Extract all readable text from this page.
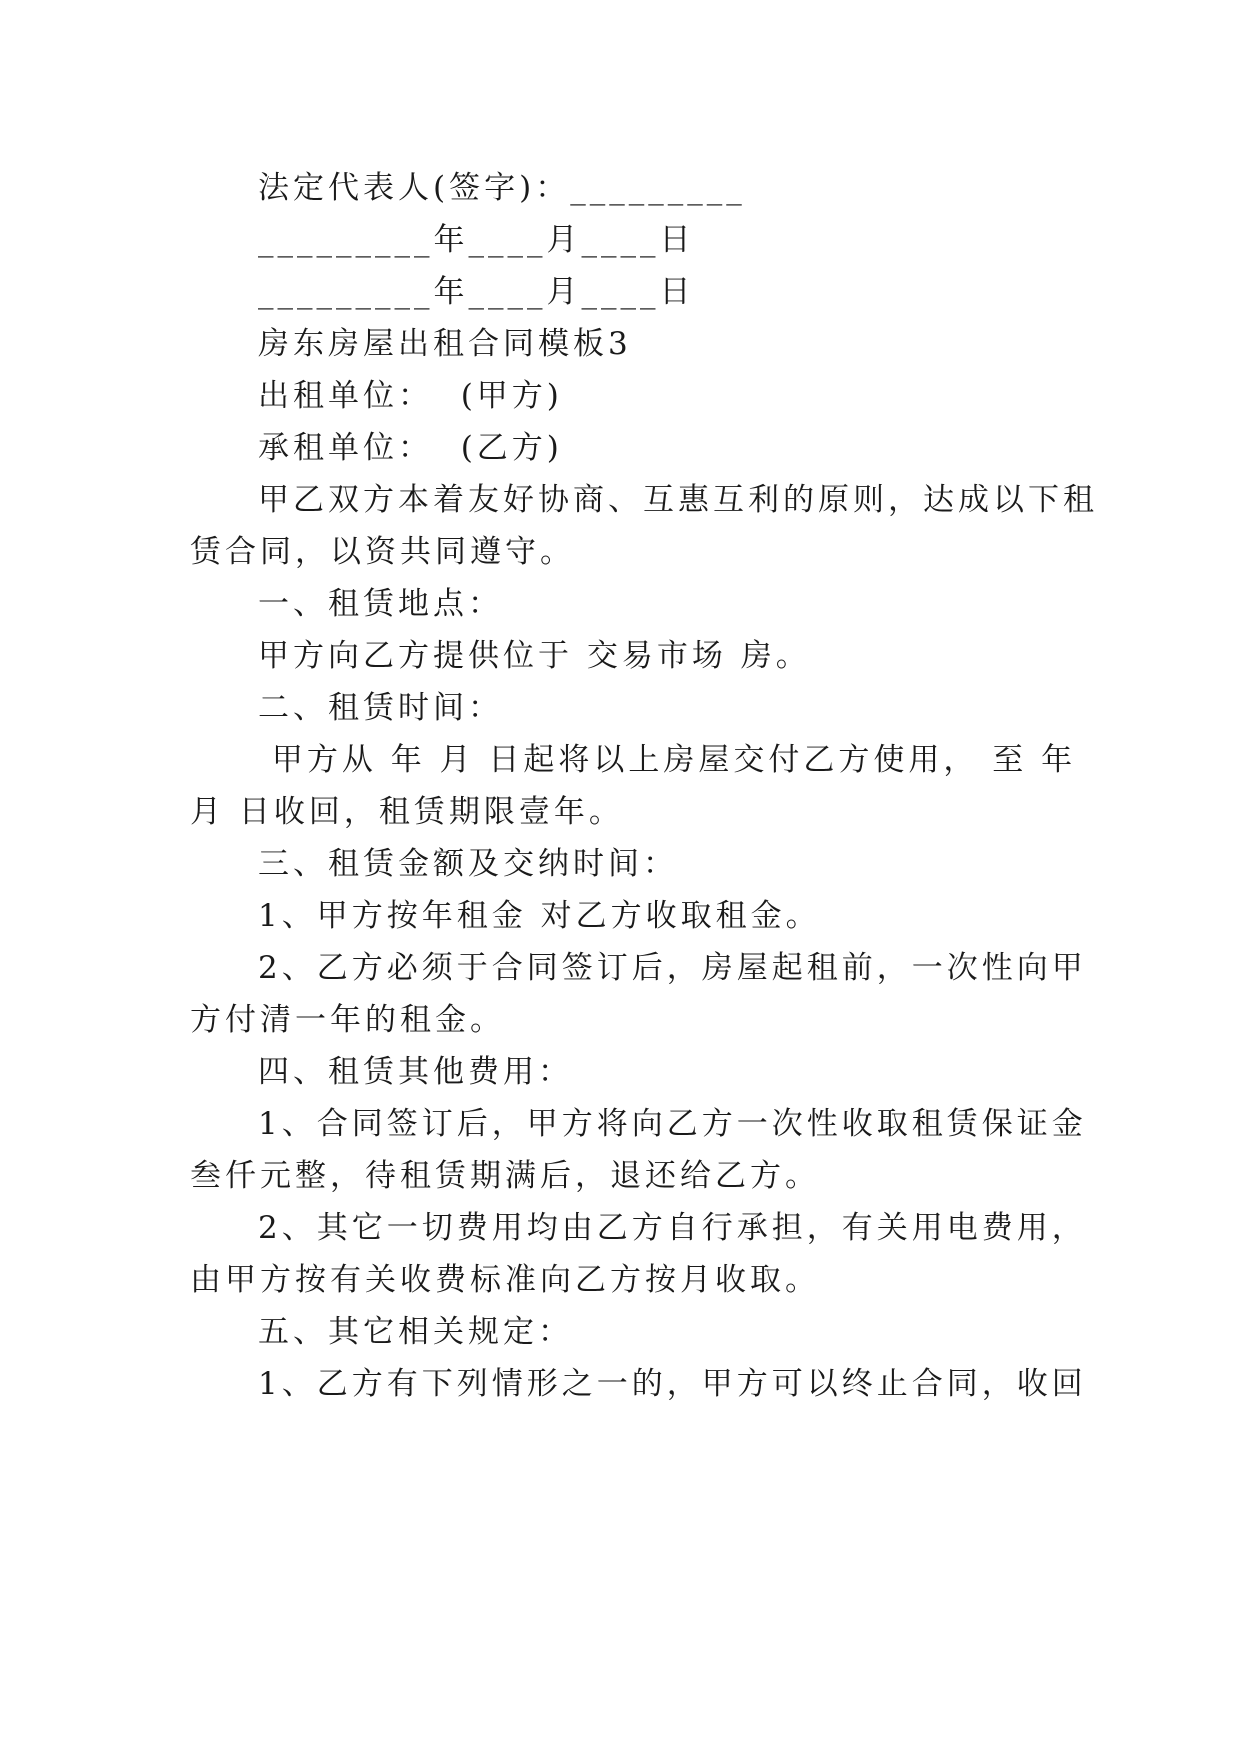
法定代表人(签字)：_________
_________年____月____日
_________年____月____日
房东房屋出租合同模板3
出租单位：  (甲方)
承租单位：  (乙方)
甲乙双方本着友好协商、互惠互利的原则，达成以下租
赁合同，以资共同遵守。
一、租赁地点：
甲方向乙方提供位于 交易市场 房。
二、租赁时间：
甲方从 年 月 日起将以上房屋交付乙方使用， 至 年
月 日收回，租赁期限壹年。
三、租赁金额及交纳时间：
1、甲方按年租金 对乙方收取租金。
2、乙方必须于合同签订后，房屋起租前，一次性向甲
方付清一年的租金。
四、租赁其他费用：
1、合同签订后，甲方将向乙方一次性收取租赁保证金
叁仟元整，待租赁期满后，退还给乙方。
2、其它一切费用均由乙方自行承担，有关用电费用，
由甲方按有关收费标准向乙方按月收取。
五、其它相关规定：
1、乙方有下列情形之一的，甲方可以终止合同，收回
